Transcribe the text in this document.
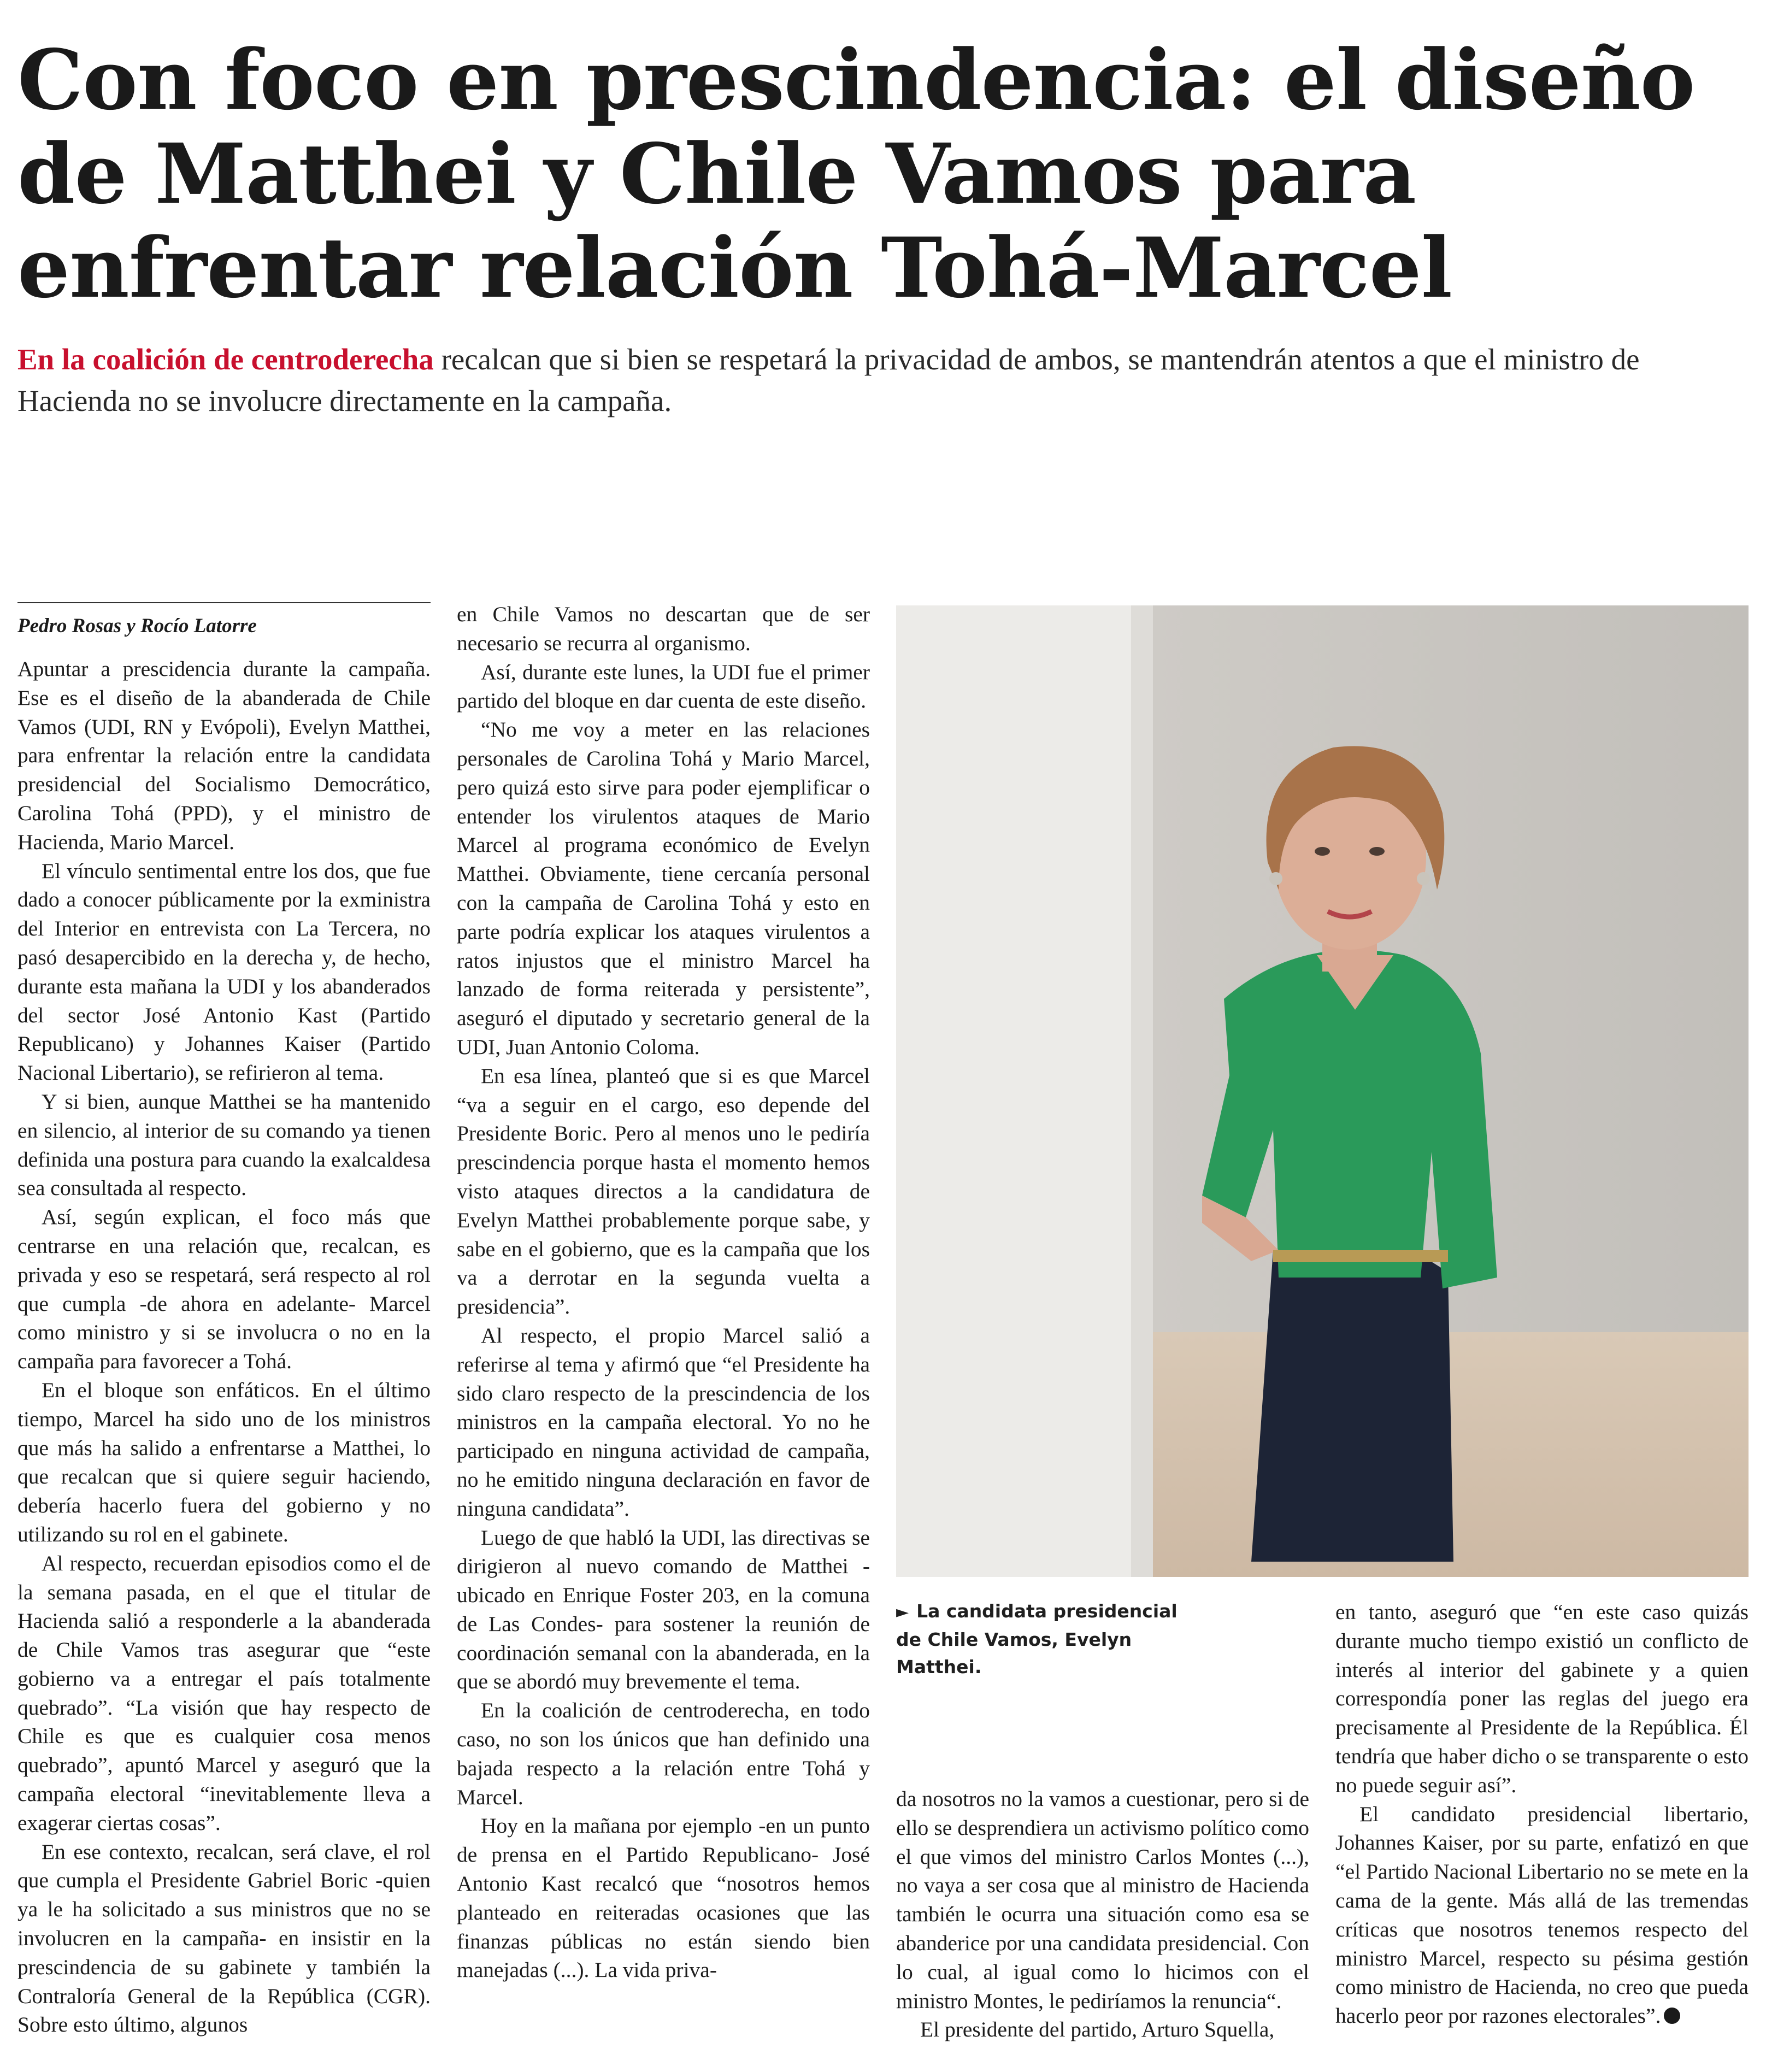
Con foco en prescindencia: el diseño de Matthei y Chile Vamos para enfrentar relación Tohá-Marcel

En la coalición de centroderecha recalcan que si bien se respetará la privacidad de ambos, se mantendrán atentos a que el ministro de Hacienda no se involucre directamente en la campaña.

Pedro Rosas y Rocío Latorre

Apuntar a prescidencia durante la campaña. Ese es el diseño de la abanderada de Chile Vamos (UDI, RN y Evópoli), Evelyn Matthei, para enfrentar la relación entre la candidata presidencial del Socialismo Democrático, Carolina Tohá (PPD), y el ministro de Hacienda, Mario Marcel.

El vínculo sentimental entre los dos, que fue dado a conocer públicamente por la exministra del Interior en entrevista con La Tercera, no pasó desapercibido en la derecha y, de hecho, durante esta mañana la UDI y los abanderados del sector José Antonio Kast (Partido Republicano) y Johannes Kaiser (Partido Nacional Libertario), se refirieron al tema.

Y si bien, aunque Matthei se ha mantenido en silencio, al interior de su comando ya tienen definida una postura para cuando la exalcaldesa sea consultada al respecto.

Así, según explican, el foco más que centrarse en una relación que, recalcan, es privada y eso se respetará, será respecto al rol que cumpla -de ahora en adelante- Marcel como ministro y si se involucra o no en la campaña para favorecer a Tohá.

En el bloque son enfáticos. En el último tiempo, Marcel ha sido uno de los ministros que más ha salido a enfrentarse a Matthei, lo que recalcan que si quiere seguir haciendo, debería hacerlo fuera del gobierno y no utilizando su rol en el gabinete.

Al respecto, recuerdan episodios como el de la semana pasada, en el que el titular de Hacienda salió a responderle a la abanderada de Chile Vamos tras asegurar que “este gobierno va a entregar el país totalmente quebrado”. “La visión que hay respecto de Chile es que es cualquier cosa menos quebrado”, apuntó Marcel y aseguró que la campaña electoral “inevitablemente lleva a exagerar ciertas cosas”.

En ese contexto, recalcan, será clave, el rol que cumpla el Presidente Gabriel Boric -quien ya le ha solicitado a sus ministros que no se involucren en la campaña- en insistir en la prescindencia de su gabinete y también la Contraloría General de la República (CGR). Sobre esto último, algunos

en Chile Vamos no descartan que de ser necesario se recurra al organismo.

Así, durante este lunes, la UDI fue el primer partido del bloque en dar cuenta de este diseño.

“No me voy a meter en las relaciones personales de Carolina Tohá y Mario Marcel, pero quizá esto sirve para poder ejemplificar o entender los virulentos ataques de Mario Marcel al programa económico de Evelyn Matthei. Obviamente, tiene cercanía personal con la campaña de Carolina Tohá y esto en parte podría explicar los ataques virulentos a ratos injustos que el ministro Marcel ha lanzado de forma reiterada y persistente”, aseguró el diputado y secretario general de la UDI, Juan Antonio Coloma.

En esa línea, planteó que si es que Marcel “va a seguir en el cargo, eso depende del Presidente Boric. Pero al menos uno le pediría prescindencia porque hasta el momento hemos visto ataques directos a la candidatura de Evelyn Matthei probablemente porque sabe, y sabe en el gobierno, que es la campaña que los va a derrotar en la segunda vuelta a presidencia”.

Al respecto, el propio Marcel salió a referirse al tema y afirmó que “el Presidente ha sido claro respecto de la prescindencia de los ministros en la campaña electoral. Yo no he participado en ninguna actividad de campaña, no he emitido ninguna declaración en favor de ninguna candidata”.

Luego de que habló la UDI, las directivas se dirigieron al nuevo comando de Matthei -ubicado en Enrique Foster 203, en la comuna de Las Condes- para sostener la reunión de coordinación semanal con la abanderada, en la que se abordó muy brevemente el tema.

En la coalición de centroderecha, en todo caso, no son los únicos que han definido una bajada respecto a la relación entre Tohá y Marcel.

Hoy en la mañana por ejemplo -en un punto de prensa en el Partido Republicano- José Antonio Kast recalcó que “nosotros hemos planteado en reiteradas ocasiones que las finanzas públicas no están siendo bien manejadas (...). La vida priva-

► La candidata presidencial de Chile Vamos, Evelyn Matthei.

da nosotros no la vamos a cuestionar, pero si de ello se desprendiera un activismo político como el que vimos del ministro Carlos Montes (...), no vaya a ser cosa que al ministro de Hacienda también le ocurra una situación como esa se abanderice por una candidata presidencial. Con lo cual, al igual como lo hicimos con el ministro Montes, le pediríamos la renuncia“.

El presidente del partido, Arturo Squella,

en tanto, aseguró que “en este caso quizás durante mucho tiempo existió un conflicto de interés al interior del gabinete y a quien correspondía poner las reglas del juego era precisamente al Presidente de la República. Él tendría que haber dicho o se transparente o esto no puede seguir así”.

El candidato presidencial libertario, Johannes Kaiser, por su parte, enfatizó en que “el Partido Nacional Libertario no se mete en la cama de la gente. Más allá de las tremendas críticas que nosotros tenemos respecto del ministro Marcel, respecto su pésima gestión como ministro de Hacienda, no creo que pueda hacerlo peor por razones electorales”.
